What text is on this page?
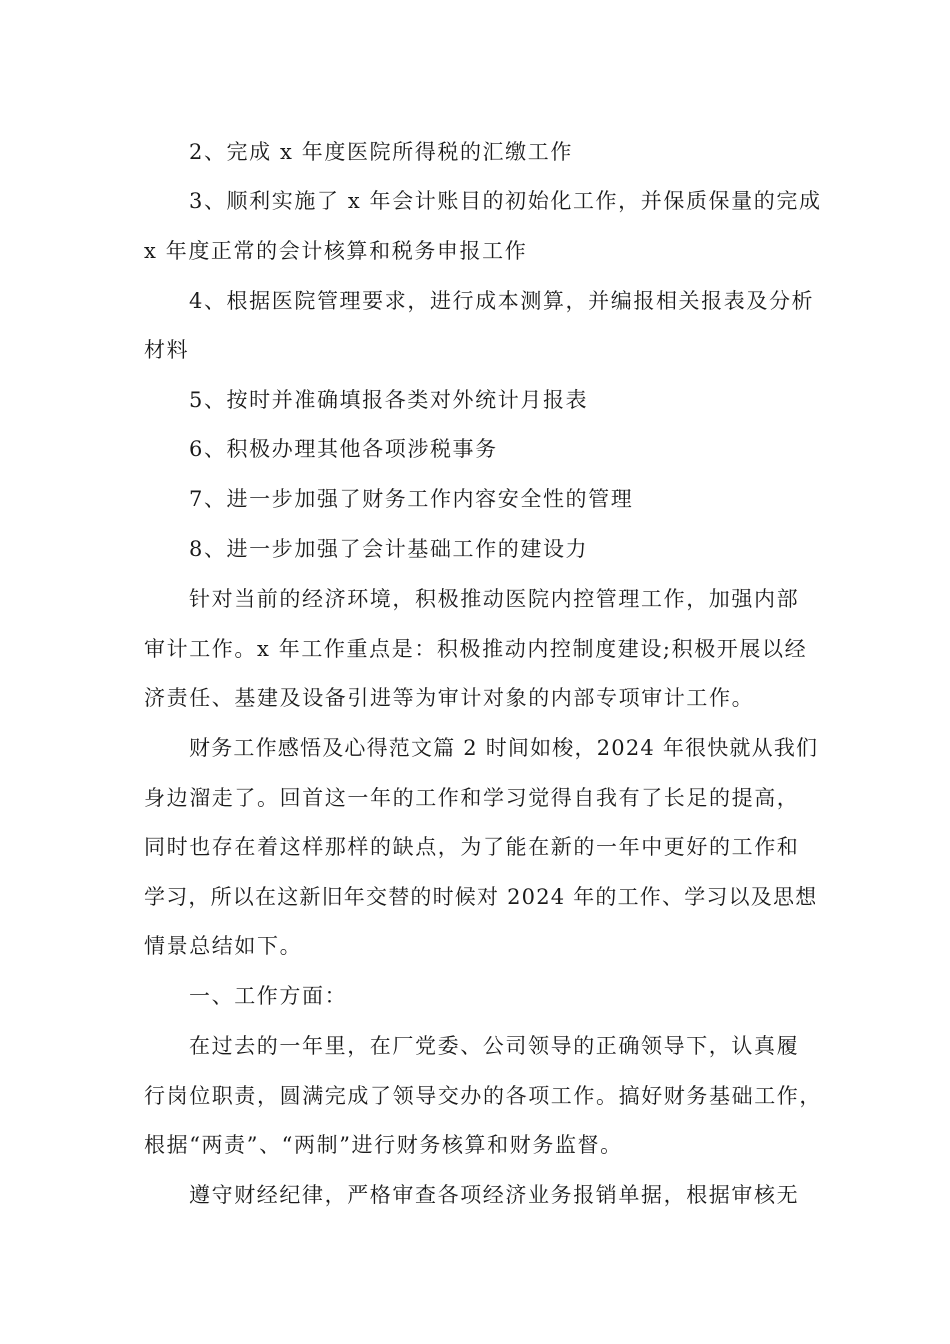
2、完成 x 年度医院所得税的汇缴工作
3、顺利实施了 x 年会计账目的初始化工作，并保质保量的完成
x 年度正常的会计核算和税务申报工作
4、根据医院管理要求，进行成本测算，并编报相关报表及分析
材料
5、按时并准确填报各类对外统计月报表
6、积极办理其他各项涉税事务
7、进一步加强了财务工作内容安全性的管理
8、进一步加强了会计基础工作的建设力
针对当前的经济环境，积极推动医院内控管理工作，加强内部
审计工作。x 年工作重点是：积极推动内控制度建设;积极开展以经
济责任、基建及设备引进等为审计对象的内部专项审计工作。
财务工作感悟及心得范文篇 2 时间如梭，2024 年很快就从我们
身边溜走了。回首这一年的工作和学习觉得自我有了长足的提高，
同时也存在着这样那样的缺点，为了能在新的一年中更好的工作和
学习，所以在这新旧年交替的时候对 2024 年的工作、学习以及思想
情景总结如下。
一、工作方面：
在过去的一年里，在厂党委、公司领导的正确领导下，认真履
行岗位职责，圆满完成了领导交办的各项工作。搞好财务基础工作，
根据“两责”、“两制”进行财务核算和财务监督。
遵守财经纪律，严格审查各项经济业务报销单据，根据审核无
